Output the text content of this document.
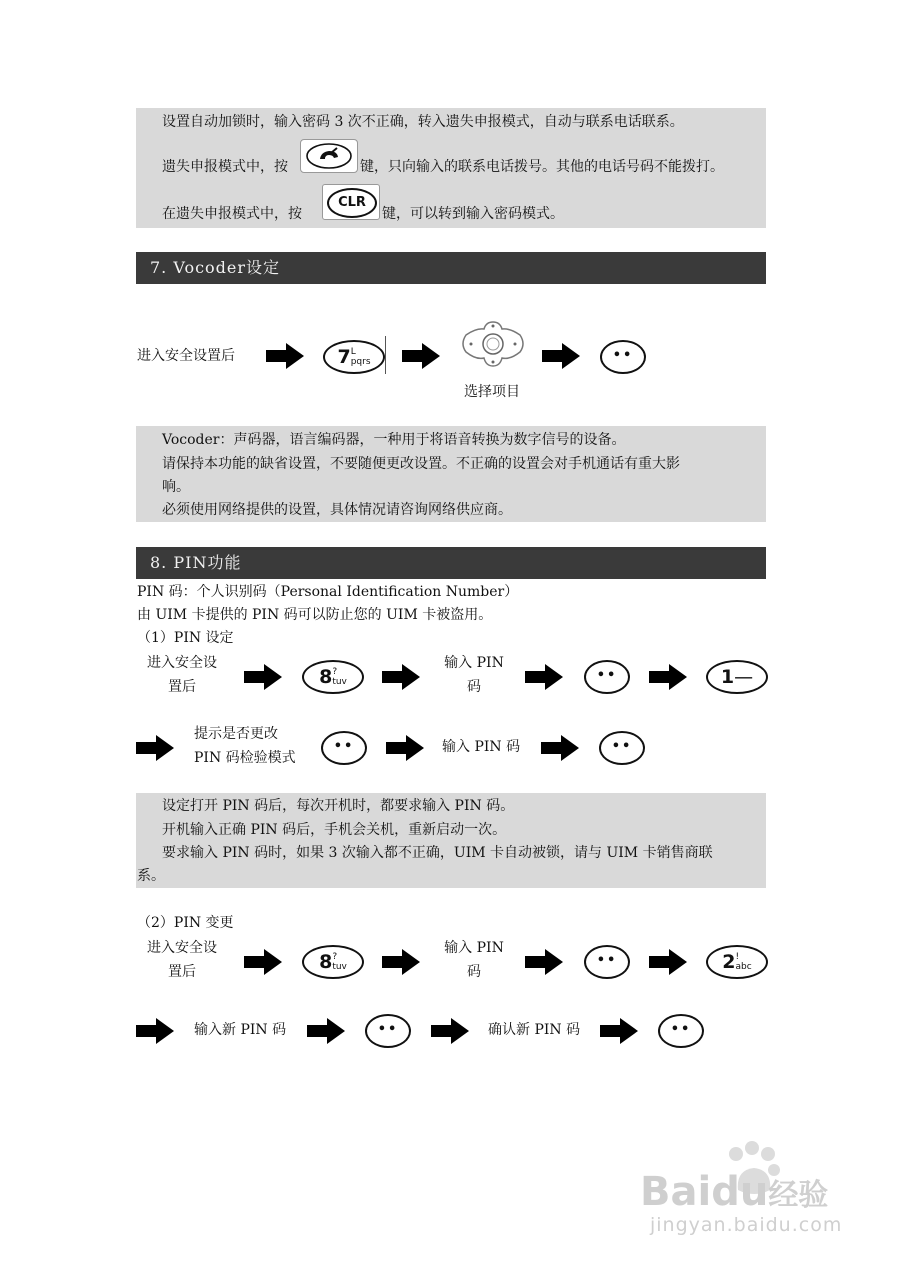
设置自动加锁时，输入密码 3 次不正确，转入遗失申报模式，自动与联系电话联系。
遗失申报模式中，按	键，只向输入的联系电话拨号。其他的电话号码不能拨打。
在遗失申报模式中，按
CLR
键，可以转到输入密码模式。
7. Vocoder设定
进入安全设置后	7L
pqrs
选择项目
••
Vocoder：声码器，语言编码器，一种用于将语音转换为数字信号的设备。
请保持本功能的缺省设置，不要随便更改设置。不正确的设置会对手机通话有重大影
响。
必须使用网络提供的设置，具体情况请咨询网络供应商。
8. PIN功能
PIN 码：个人识别码（Personal Identification Number）
由 UIM 卡提供的 PIN 码可以防止您的 UIM 卡被盗用。
（1）PIN 设定
进入安全设
置后	8?
tuv
输入 PIN
码
••	1—
提示是否更改
PIN 码检验模式
••	输入 PIN 码	••
设定打开 PIN 码后，每次开机时，都要求输入 PIN 码。
开机输入正确 PIN 码后，手机会关机，重新启动一次。
要求输入 PIN 码时，如果 3 次输入都不正确，UIM 卡自动被锁，请与 UIM 卡销售商联
系。
（2）PIN 变更
进入安全设
置后	8?
tuv
输入 PIN
码
••	2!
abc
输入新 PIN 码	••	确认新 PIN 码	••
Baidu经验
jingyan.baidu.com
